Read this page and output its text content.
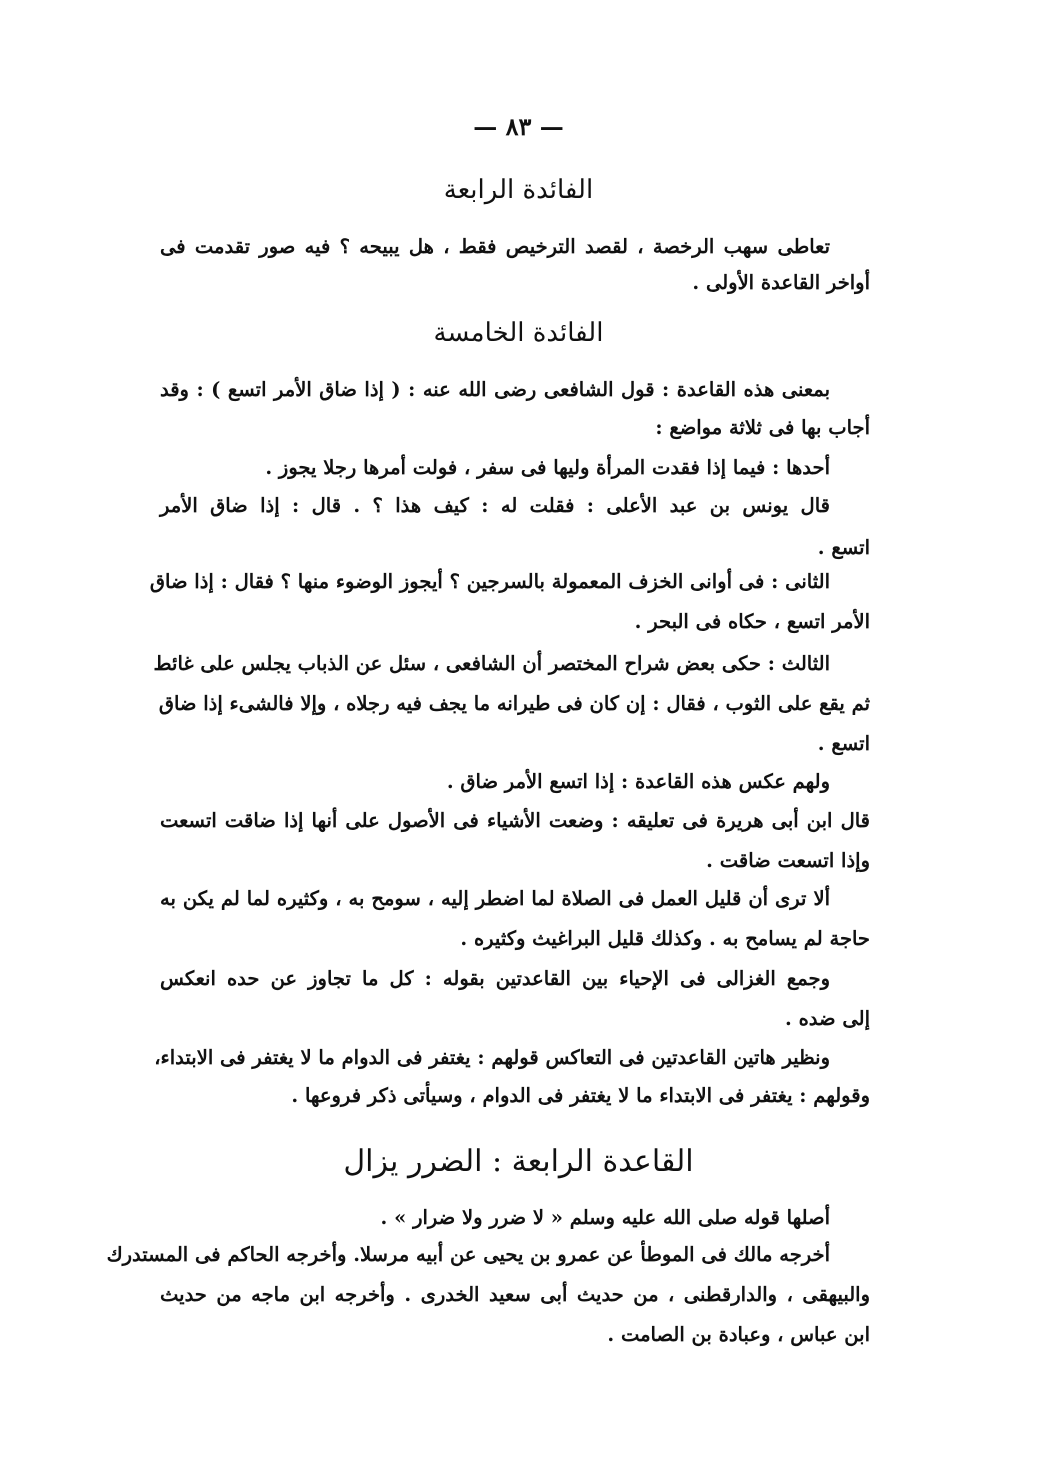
— ٨٣ —
الفائدة الرابعة
تعاطى سهب الرخصة ، لقصد الترخيص فقط ، هل يبيحه ؟ فيه صور تقدمت فى
أواخر القاعدة الأولى .
الفائدة الخامسة
بمعنى هذه القاعدة : قول الشافعى رضى الله عنه : ( إذا ضاق الأمر اتسع ) : وقد
أجاب بها فى ثلاثة مواضع :
أحدها : فيما إذا فقدت المرأة وليها فى سفر ، فولت أمرها رجلا يجوز .
قال يونس بن عبد الأعلى : فقلت له : كيف هذا ؟ . قال : إذا ضاق الأمر
اتسع .
الثانى : فى أوانى الخزف المعمولة بالسرجين ؟ أيجوز الوضوء منها ؟ فقال : إذا ضاق
الأمر اتسع ، حكاه فى البحر .
الثالث : حكى بعض شراح المختصر أن الشافعى ، سئل عن الذباب يجلس على غائط
ثم يقع على الثوب ، فقال : إن كان فى طيرانه ما يجف فيه رجلاه ، وإلا فالشىء إذا ضاق
اتسع .
ولهم عكس هذه القاعدة : إذا اتسع الأمر ضاق .
قال ابن أبى هريرة فى تعليقه : وضعت الأشياء فى الأصول على أنها إذا ضاقت اتسعت
وإذا اتسعت ضاقت .
ألا ترى أن قليل العمل فى الصلاة لما اضطر إليه ، سومح به ، وكثيره لما لم يكن به
حاجة لم يسامح به . وكذلك قليل البراغيث وكثيره .
وجمع الغزالى فى الإحياء بين القاعدتين بقوله : كل ما تجاوز عن حده انعكس
إلى ضده .
ونظير هاتين القاعدتين فى التعاكس قولهم : يغتفر فى الدوام ما لا يغتفر فى الابتداء،
وقولهم : يغتفر فى الابتداء ما لا يغتفر فى الدوام ، وسيأتى ذكر فروعها .
القاعدة الرابعة : الضرر يزال
أصلها قوله صلى الله عليه وسلم « لا ضرر ولا ضرار » .
أخرجه مالك فى الموطأ عن عمرو بن يحيى عن أبيه مرسلا. وأخرجه الحاكم فى المستدرك
والبيهقى ، والدارقطنى ، من حديث أبى سعيد الخدرى . وأخرجه ابن ماجه من حديث
ابن عباس ، وعبادة بن الصامت .
